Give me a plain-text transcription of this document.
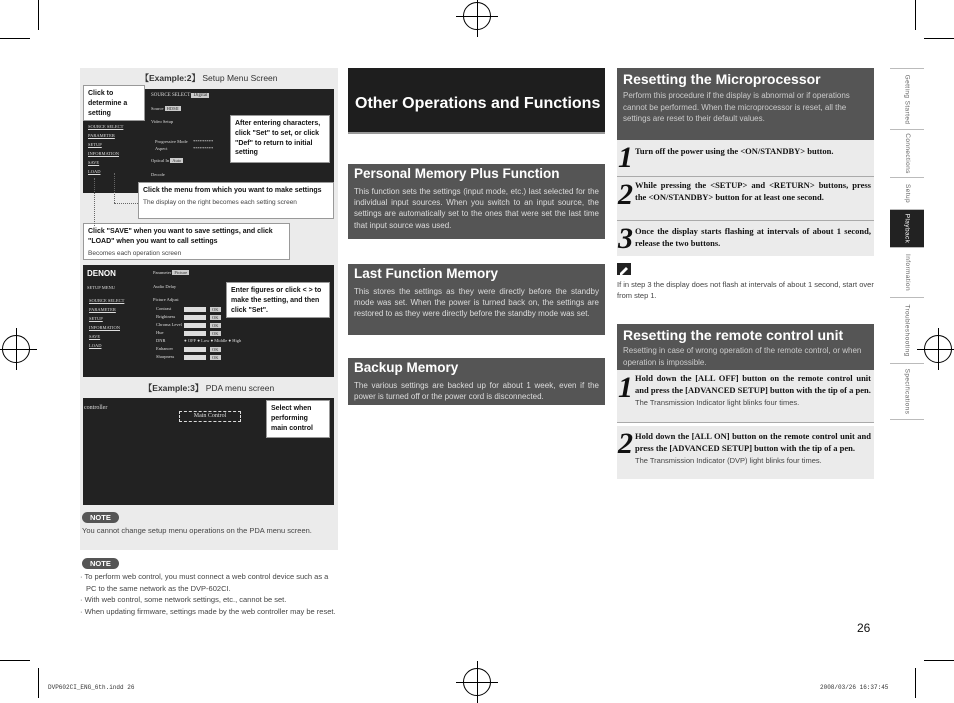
【Example:2】 Setup Menu Screen
SOURCE SELECT Digital
Source HDMI
Video Setup
Progressive Mode *********
Aspect	*********
Optical In Auto
Decode
SOURCE SELECT
PARAMETER
SETUP
INFORMATION
SAVE
LOAD
Click to determine a setting
After entering characters, click "Set" to set, or click "Def" to return to initial setting
Click the menu from which you want to make settings
The display on the right becomes each setting screen
Click "SAVE" when you want to save settings, and click "LOAD" when you want to call settings
Becomes each operation screen
DENON
SETUP MENU
SOURCE SELECT
PARAMETER
SETUP
INFORMATION
SAVE
LOAD
Parameter Picture
Audio Delay
Picture Adjust
Contrast
Brightness
Chroma Level
Hue
DNR
Enhancer
Sharpness
● OFF ● Low ● Middle ● High
OK
OK
OK
OK
OK
OK
Enter figures or click < > to make the setting, and then click "Set".
【Example:3】 PDA menu screen
controller
Main Control
Select when performing main control
NOTE
You cannot change setup menu operations on the PDA menu screen.
NOTE
· To perform web control, you must connect a web control device such as a PC to the same network as the DVP-602CI.
· With web control, some network settings, etc., cannot be set.
· When updating firmware, settings made by the web controller may be reset.
Other Operations and Functions
Personal Memory Plus Function
This function sets the settings (input mode, etc.) last selected for the individual input sources. When you switch to an input source, the settings are automatically set to the ones that were set the last time that input source was used.
Last Function Memory
This stores the settings as they were directly before the standby mode was set. When the power is turned back on, the settings are restored to as they were directly before the standby mode was set.
Backup Memory
The various settings are backed up for about 1 week, even if the power is turned off or the power cord is disconnected.
Resetting the Microprocessor
Perform this procedure if the display is abnormal or if operations cannot be performed. When the microprocessor is reset, all the settings are reset to their default values.
1 Turn off the power using the <ON/STANDBY> button.
2 While pressing the <SETUP> and <RETURN> buttons, press the <ON/STANDBY> button for at least one second.
3 Once the display starts flashing at intervals of about 1 second, release the two buttons.
If in step 3 the display does not flash at intervals of about 1 second, start over from step 1.
Resetting the remote control unit
Resetting in case of wrong operation of the remote control, or when operation is impossible.
1 Hold down the [ALL OFF] button on the remote control unit and press the [ADVANCED SETUP] button with the tip of a pen.
The Transmission Indicator light blinks four times.
2 Hold down the [ALL ON] button on the remote control unit and press the [ADVANCED SETUP] button with the tip of a pen.
The Transmission Indicator (DVP) light blinks four times.
Getting Started
Connections
Setup
Playback
Information
Troubleshooting
Specifications
26
DVP602CI_ENG_6th.indd 26	2008/03/26 16:37:45
